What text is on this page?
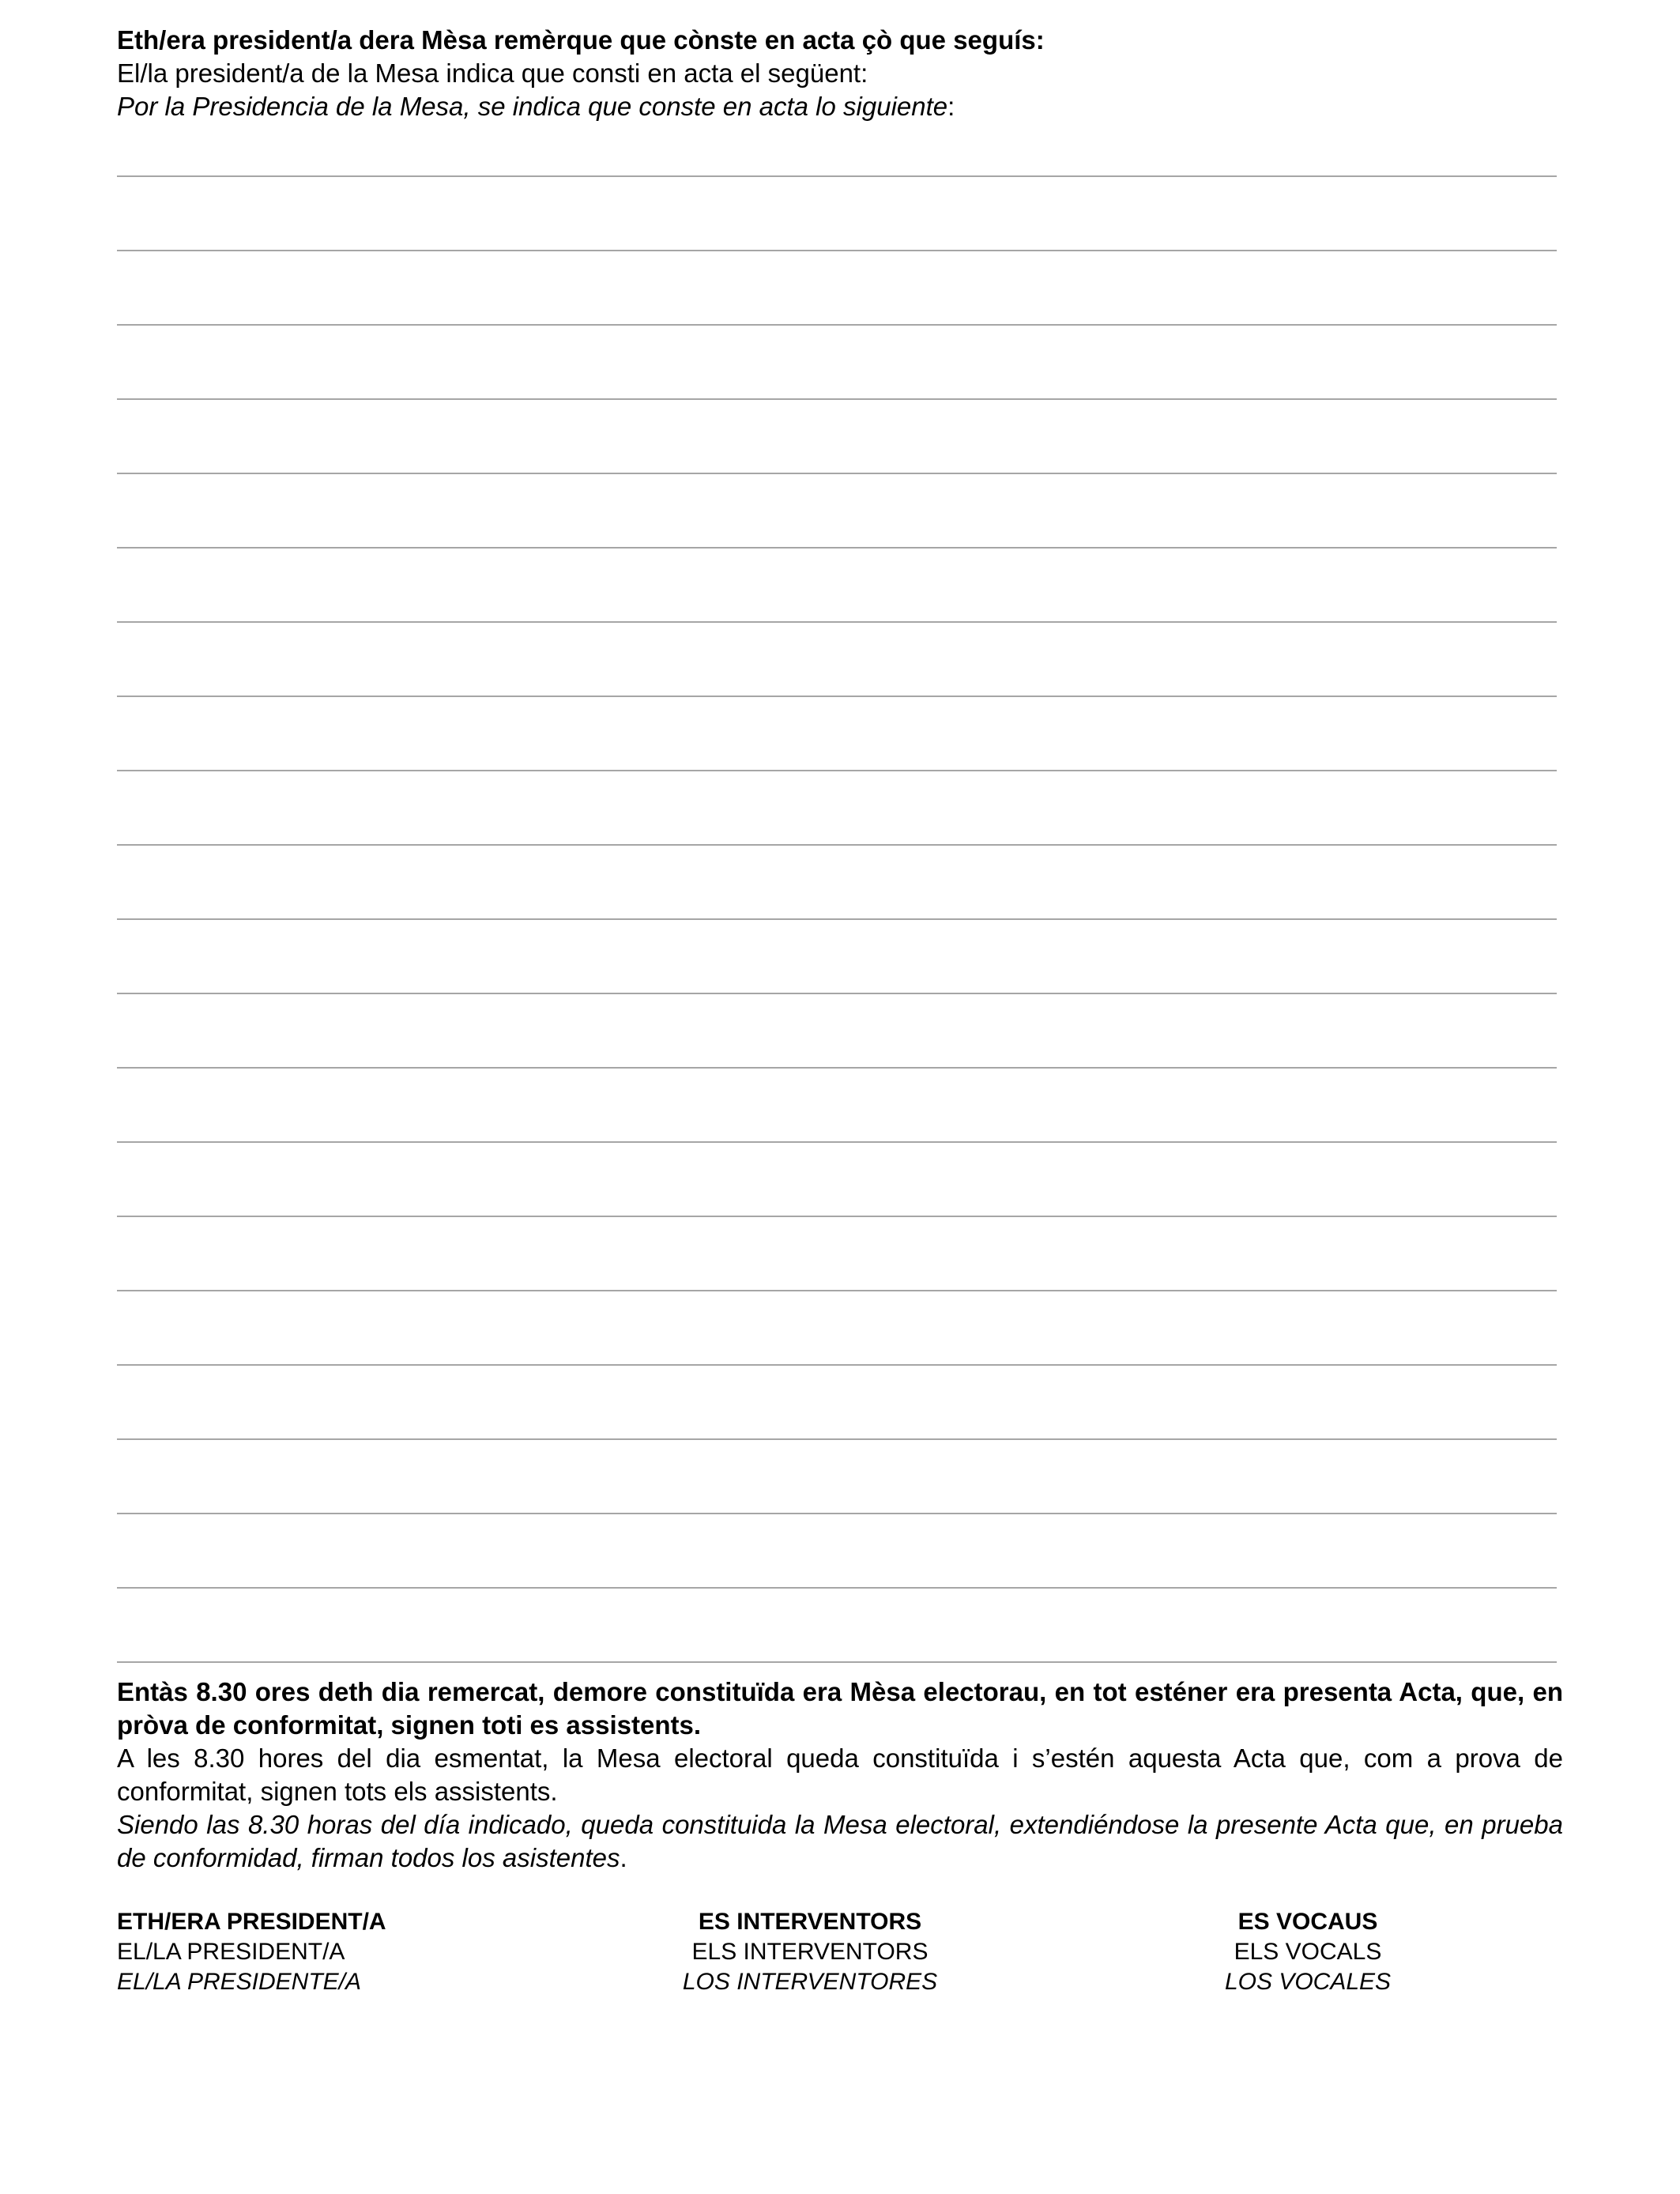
Eth/era president/a dera Mèsa remèrque que cònste en acta çò que seguís:

El/la president/a de la Mesa indica que consti en acta el següent:

Por la Presidencia de la Mesa, se indica que conste en acta lo siguiente:

Entàs 8.30 ores deth dia remercat, demore constituïda era Mèsa electorau, en tot esténer era presenta Acta, que, en pròva de conformitat, signen toti es assistents.

A les 8.30 hores del dia esmentat, la Mesa electoral queda constituïda i s’estén aquesta Acta que, com a prova de conformitat, signen tots els assistents.

Siendo las 8.30 horas del día indicado, queda constituida la Mesa electoral, extendiéndose la presente Acta que, en prueba de conformidad, firman todos los asistentes.

ETH/ERA PRESIDENT/A
EL/LA PRESIDENT/A
EL/LA PRESIDENTE/A
ES INTERVENTORS
ELS INTERVENTORS
LOS INTERVENTORES
ES VOCAUS
ELS VOCALS
LOS VOCALES
